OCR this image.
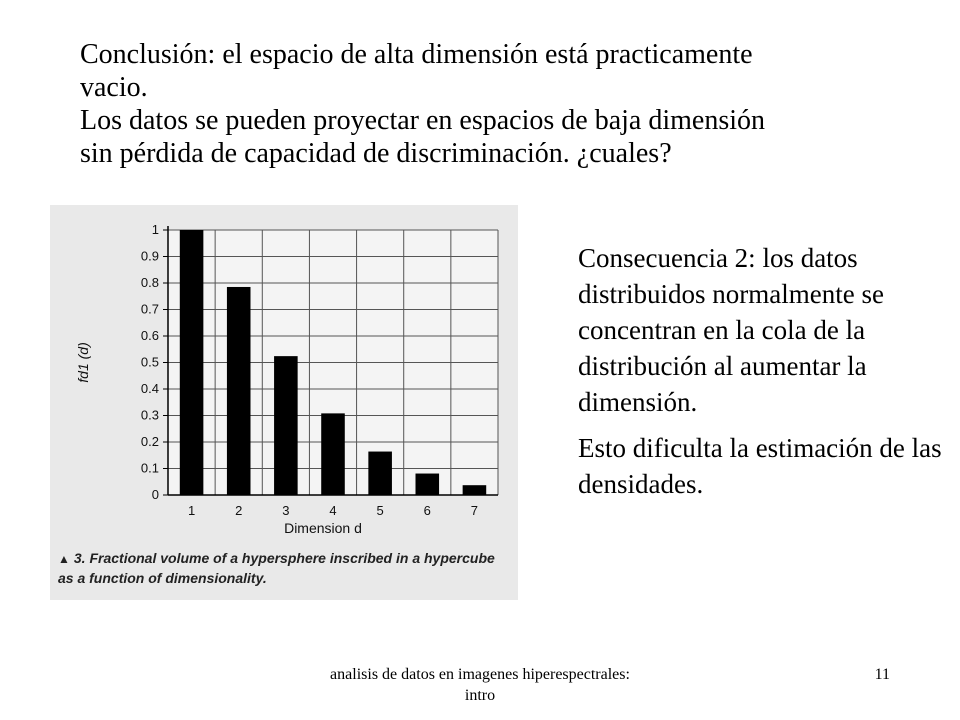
Conclusión: el espacio de alta dimensión está practicamente

vacio.

Los datos se pueden proyectar en espacios de baja dimensión

sin pérdida de capacidad de discriminación. ¿cuales?

0
0.1
0.2
0.3
0.4
0.5
0.6
0.7
0.8
0.9
1
1	2	3	4	5	6	7
Dimension d
fd1 (d)
▲ 3. Fractional volume of a hypersphere inscribed in a hypercube as a function of dimensionality.

Consecuencia 2: los datos distribuidos normalmente se concentran en la cola de la distribución al aumentar la dimensión.

Esto dificulta la estimación de las densidades.

analisis de datos en imagenes hiperespectrales: intro
11
